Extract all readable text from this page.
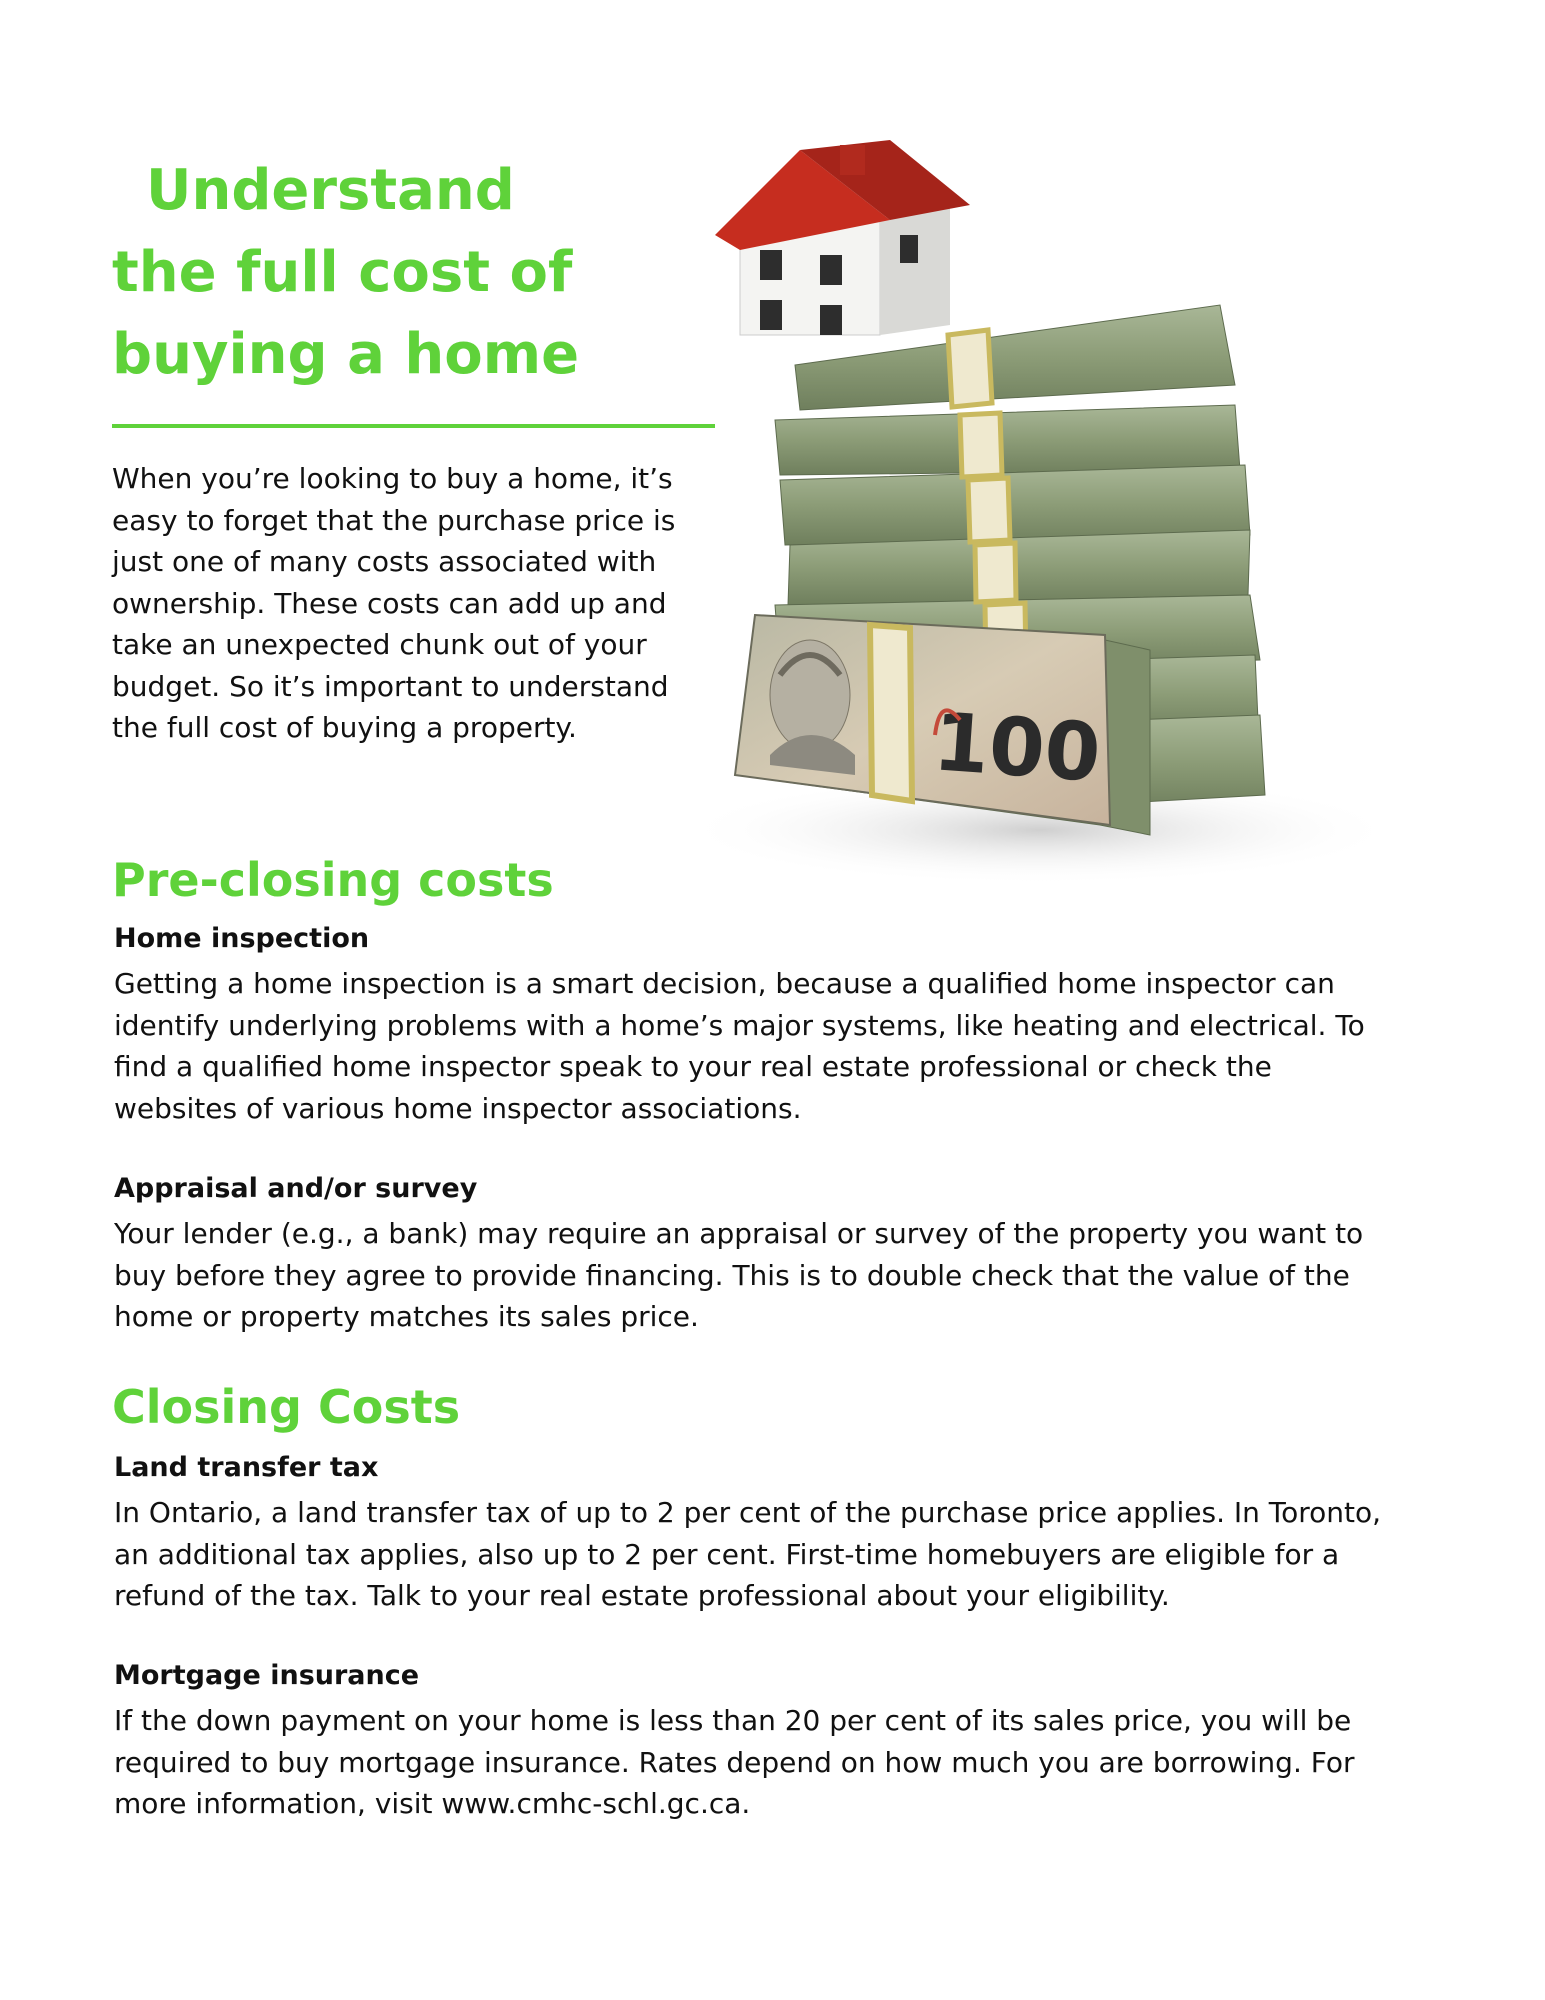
Understand
the full cost of
buying a home

When you’re looking to buy a home, it’s
easy to forget that the purchase price is
just one of many costs associated with
ownership. These costs can add up and
take an unexpected chunk out of your
budget. So it’s important to understand
the full cost of buying a property.	100
Pre-closing costs
Home inspection

Getting a home inspection is a smart decision, because a qualified home inspector can
identify underlying problems with a home’s major systems, like heating and electrical. To
find a qualified home inspector speak to your real estate professional or check the
websites of various home inspector associations.

Appraisal and/or survey

Your lender (e.g., a bank) may require an appraisal or survey of the property you want to
buy before they agree to provide financing. This is to double check that the value of the
home or property matches its sales price.

Closing Costs
Land transfer tax

In Ontario, a land transfer tax of up to 2 per cent of the purchase price applies. In Toronto,
an additional tax applies, also up to 2 per cent. First-time homebuyers are eligible for a
refund of the tax. Talk to your real estate professional about your eligibility.

Mortgage insurance

If the down payment on your home is less than 20 per cent of its sales price, you will be
required to buy mortgage insurance. Rates depend on how much you are borrowing. For
more information, visit www.cmhc-schl.gc.ca.
